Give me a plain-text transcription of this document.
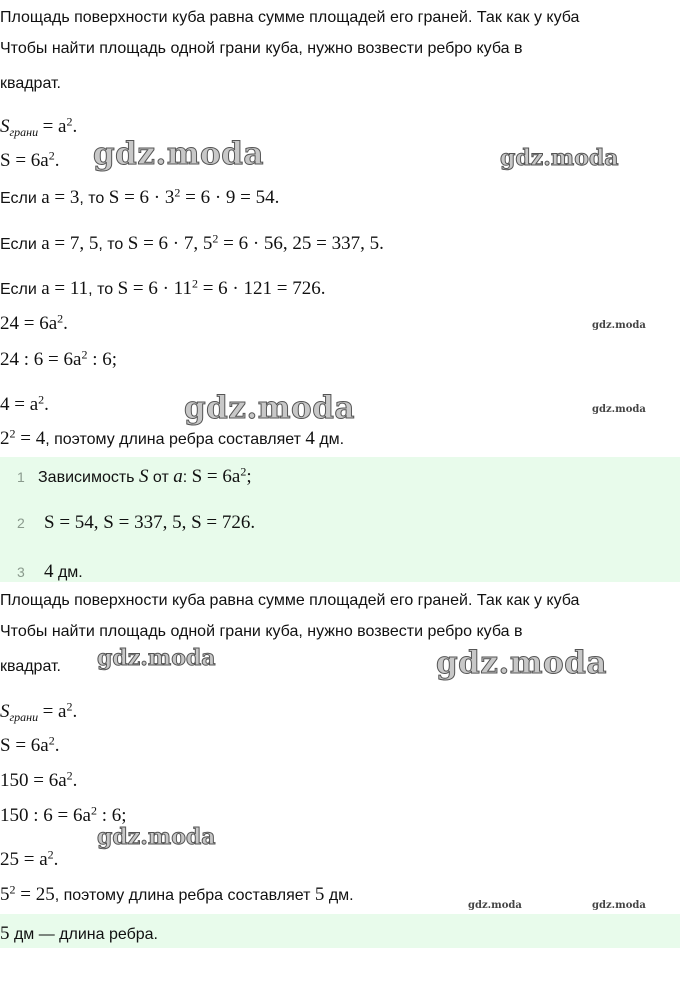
Площадь поверхности куба равна сумме площадей его граней. Так как у куба
Чтобы найти площадь одной грани куба, нужно возвести ребро куба в
квадрат.
$S_{грани} = a^2$.
$S = 6a^2$.
Если a = 3, то $S = 6 \cdot 3^2 = 6 \cdot 9 = 54$.
Если a = 7, 5, то S = 6 · 7, $5^2 = 6 \cdot 56$, 25 = 337, 5.
Если a = 11, то $S = 6 \cdot 11^2 = 6 \cdot 121 = 726$.
$24 = 6a^2$.
24 : $6 = 6a^2$ : 6;
$4 = a^2$.
$2^2 = 4$, поэтому длина ребра составляет 4 дм.
1 Зависимость S от a: $S = 6a^2$;
2 S = 54, S = 337, 5, S = 726.
3 4 дм.
Площадь поверхности куба равна сумме площадей его граней. Так как у куба
Чтобы найти площадь одной грани куба, нужно возвести ребро куба в
квадрат.
$S_{грани} = a^2$.
$S = 6a^2$.
$150 = 6a^2$.
150 : $6 = 6a^2$ : 6;
$25 = a^2$.
$5^2 = 25$, поэтому длина ребра составляет 5 дм.
5 дм — длина ребра.
gdz.moda	gdz.moda
gdz.moda
gdz.moda	gdz.moda
gdz.moda	gdz.moda
gdz.moda
gdz.moda	gdz.moda
